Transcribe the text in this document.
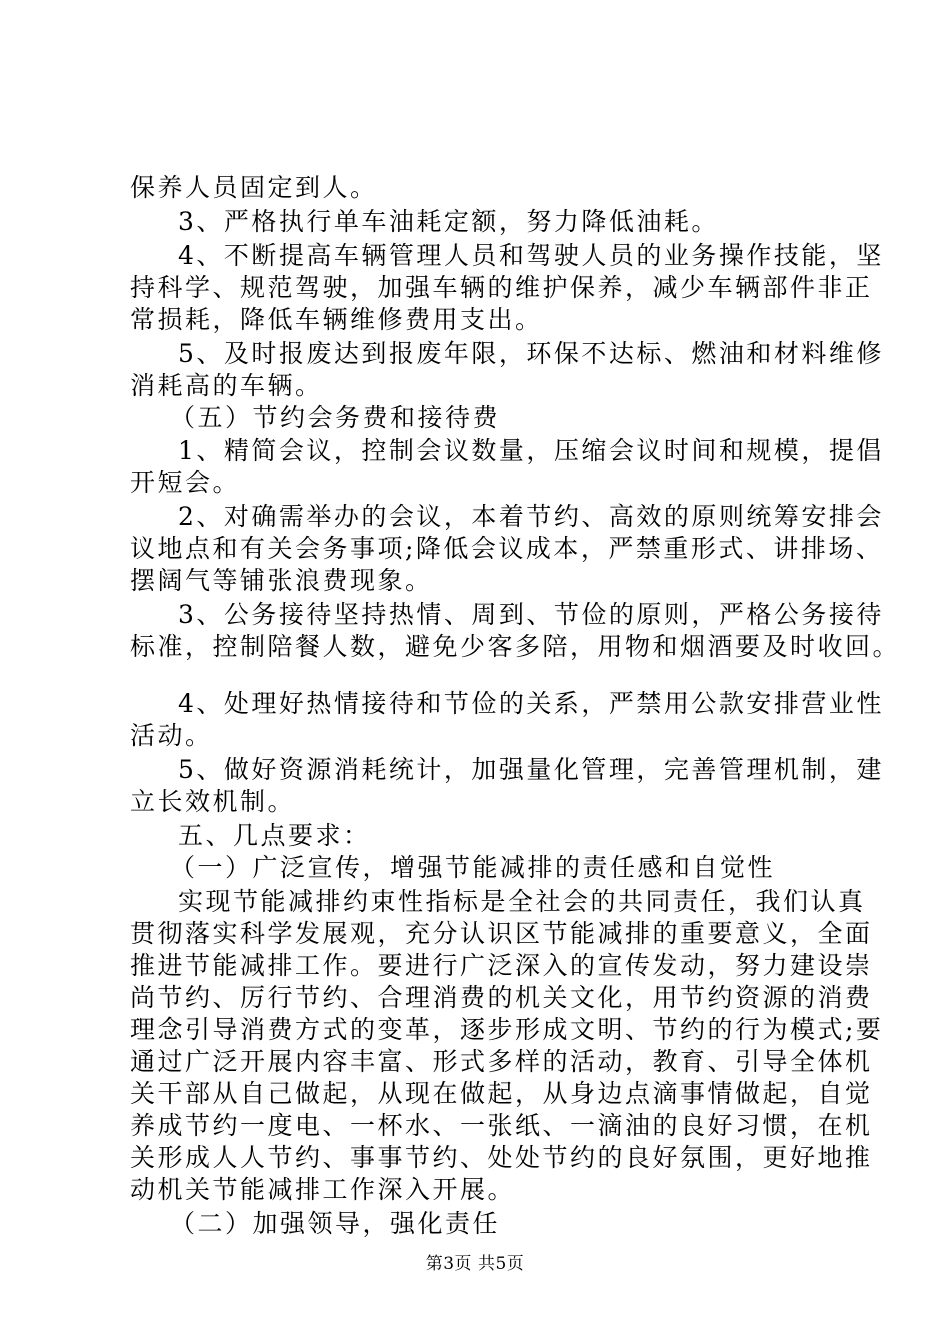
保养人员固定到人。
3、严格执行单车油耗定额，努力降低油耗。
4、不断提高车辆管理人员和驾驶人员的业务操作技能，坚
持科学、规范驾驶，加强车辆的维护保养，减少车辆部件非正
常损耗，降低车辆维修费用支出。
5、及时报废达到报废年限，环保不达标、燃油和材料维修
消耗高的车辆。
（五）节约会务费和接待费
1、精简会议，控制会议数量，压缩会议时间和规模，提倡
开短会。
2、对确需举办的会议，本着节约、高效的原则统筹安排会
议地点和有关会务事项;降低会议成本，严禁重形式、讲排场、
摆阔气等铺张浪费现象。
3、公务接待坚持热情、周到、节俭的原则，严格公务接待
标准，控制陪餐人数，避免少客多陪，用物和烟酒要及时收回。
4、处理好热情接待和节俭的关系，严禁用公款安排营业性
活动。
5、做好资源消耗统计，加强量化管理，完善管理机制，建
立长效机制。
五、几点要求：
（一）广泛宣传，增强节能减排的责任感和自觉性
实现节能减排约束性指标是全社会的共同责任，我们认真
贯彻落实科学发展观，充分认识区节能减排的重要意义，全面
推进节能减排工作。要进行广泛深入的宣传发动，努力建设崇
尚节约、厉行节约、合理消费的机关文化，用节约资源的消费
理念引导消费方式的变革，逐步形成文明、节约的行为模式;要
通过广泛开展内容丰富、形式多样的活动，教育、引导全体机
关干部从自己做起，从现在做起，从身边点滴事情做起，自觉
养成节约一度电、一杯水、一张纸、一滴油的良好习惯，在机
关形成人人节约、事事节约、处处节约的良好氛围，更好地推
动机关节能减排工作深入开展。
（二）加强领导，强化责任
第3页 共5页
